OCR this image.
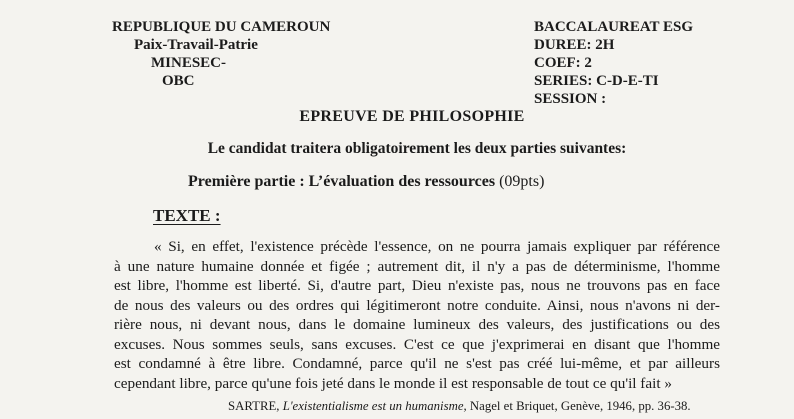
REPUBLIQUE DU CAMEROUN
Paix-Travail-Patrie
MINESEC-
OBC
BACCALAUREAT ESG
DUREE: 2H
COEF: 2
SERIES: C-D-E-TI
SESSION :
EPREUVE DE PHILOSOPHIE
Le candidat traitera obligatoirement les deux parties suivantes:
Première partie : L’évaluation des ressources (09pts)
TEXTE :
« Si, en effet, l'existence précède l'essence, on ne pourra jamais expliquer par référence
à une nature humaine donnée et figée ; autrement dit, il n'y a pas de déterminisme, l'homme
est libre, l'homme est liberté. Si, d'autre part, Dieu n'existe pas, nous ne trouvons pas en face
de nous des valeurs ou des ordres qui légitimeront notre conduite. Ainsi, nous n'avons ni der-
rière nous, ni devant nous, dans le domaine lumineux des valeurs, des justifications ou des
excuses. Nous sommes seuls, sans excuses. C'est ce que j'exprimerai en disant que l'homme
est condamné à être libre. Condamné, parce qu'il ne s'est pas créé lui-même, et par ailleurs
cependant libre, parce qu'une fois jeté dans le monde il est responsable de tout ce qu'il fait »
SARTRE, L'existentialisme est un humanisme, Nagel et Briquet, Genève, 1946, pp. 36-38.
